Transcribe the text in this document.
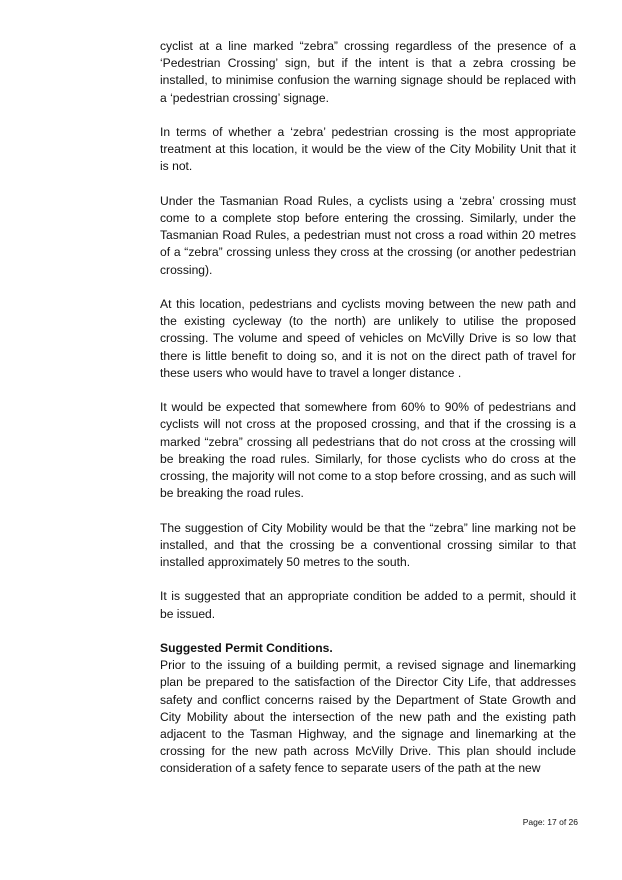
cyclist at a line marked “zebra” crossing regardless of the presence of a ‘Pedestrian Crossing’ sign, but if the intent is that a zebra crossing be installed, to minimise confusion the warning signage should be replaced with a ‘pedestrian crossing’ signage.

In terms of whether a ‘zebra’ pedestrian crossing is the most appropriate treatment at this location, it would be the view of the City Mobility Unit that it is not.

Under the Tasmanian Road Rules, a cyclists using a ‘zebra’ crossing must come to a complete stop before entering the crossing. Similarly, under the Tasmanian Road Rules, a pedestrian must not cross a road within 20 metres of a “zebra” crossing unless they cross at the crossing (or another pedestrian crossing).

At this location, pedestrians and cyclists moving between the new path and the existing cycleway (to the north) are unlikely to utilise the proposed crossing. The volume and speed of vehicles on McVilly Drive is so low that there is little benefit to doing so, and it is not on the direct path of travel for these users who would have to travel a longer distance .

It would be expected that somewhere from 60% to 90% of pedestrians and cyclists will not cross at the proposed crossing, and that if the crossing is a marked “zebra” crossing all pedestrians that do not cross at the crossing will be breaking the road rules. Similarly, for those cyclists who do cross at the crossing, the majority will not come to a stop before crossing, and as such will be breaking the road rules.

The suggestion of City Mobility would be that the “zebra” line marking not be installed, and that the crossing be a conventional crossing similar to that installed approximately 50 metres to the south.

It is suggested that an appropriate condition be added to a permit, should it be issued.

Suggested Permit Conditions.

Prior to the issuing of a building permit, a revised signage and linemarking plan be prepared to the satisfaction of the Director City Life, that addresses safety and conflict concerns raised by the Department of State Growth and City Mobility about the intersection of the new path and the existing path adjacent to the Tasman Highway, and the signage and linemarking at the crossing for the new path across McVilly Drive. This plan should include consideration of a safety fence to separate users of the path at the new

Page: 17 of 26
